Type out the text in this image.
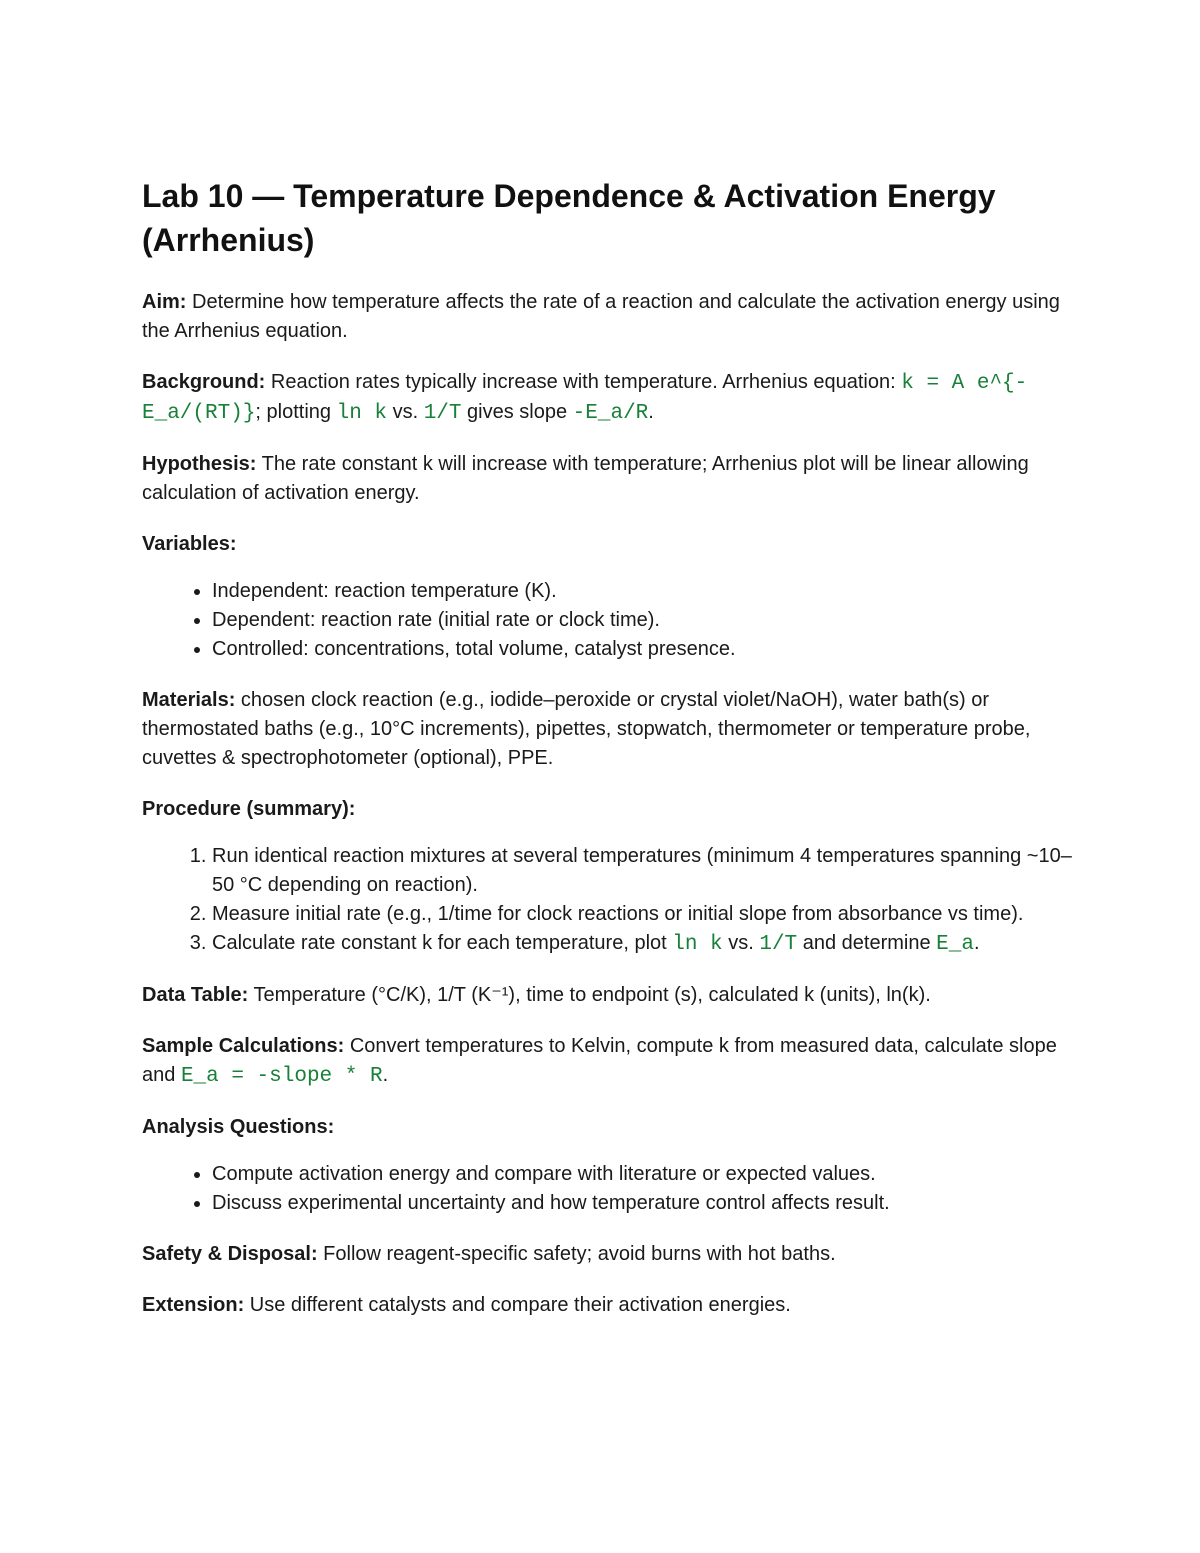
Lab 10 — Temperature Dependence & Activation Energy (Arrhenius)

Aim: Determine how temperature affects the rate of a reaction and calculate the activation energy using the Arrhenius equation.

Background: Reaction rates typically increase with temperature. Arrhenius equation: k = A e^{-E_a/(RT)}; plotting ln k vs. 1/T gives slope -E_a/R.

Hypothesis: The rate constant k will increase with temperature; Arrhenius plot will be linear allowing calculation of activation energy.

Variables:

• Independent: reaction temperature (K).
• Dependent: reaction rate (initial rate or clock time).
• Controlled: concentrations, total volume, catalyst presence.

Materials: chosen clock reaction (e.g., iodide–peroxide or crystal violet/NaOH), water bath(s) or thermostated baths (e.g., 10°C increments), pipettes, stopwatch, thermometer or temperature probe, cuvettes & spectrophotometer (optional), PPE.

Procedure (summary):

1. Run identical reaction mixtures at several temperatures (minimum 4 temperatures spanning ~10–50 °C depending on reaction).
2. Measure initial rate (e.g., 1/time for clock reactions or initial slope from absorbance vs time).
3. Calculate rate constant k for each temperature, plot ln k vs. 1/T and determine E_a.

Data Table: Temperature (°C/K), 1/T (K⁻¹), time to endpoint (s), calculated k (units), ln(k).

Sample Calculations: Convert temperatures to Kelvin, compute k from measured data, calculate slope and E_a = -slope * R.

Analysis Questions:

• Compute activation energy and compare with literature or expected values.
• Discuss experimental uncertainty and how temperature control affects result.

Safety & Disposal: Follow reagent-specific safety; avoid burns with hot baths.

Extension: Use different catalysts and compare their activation energies.
